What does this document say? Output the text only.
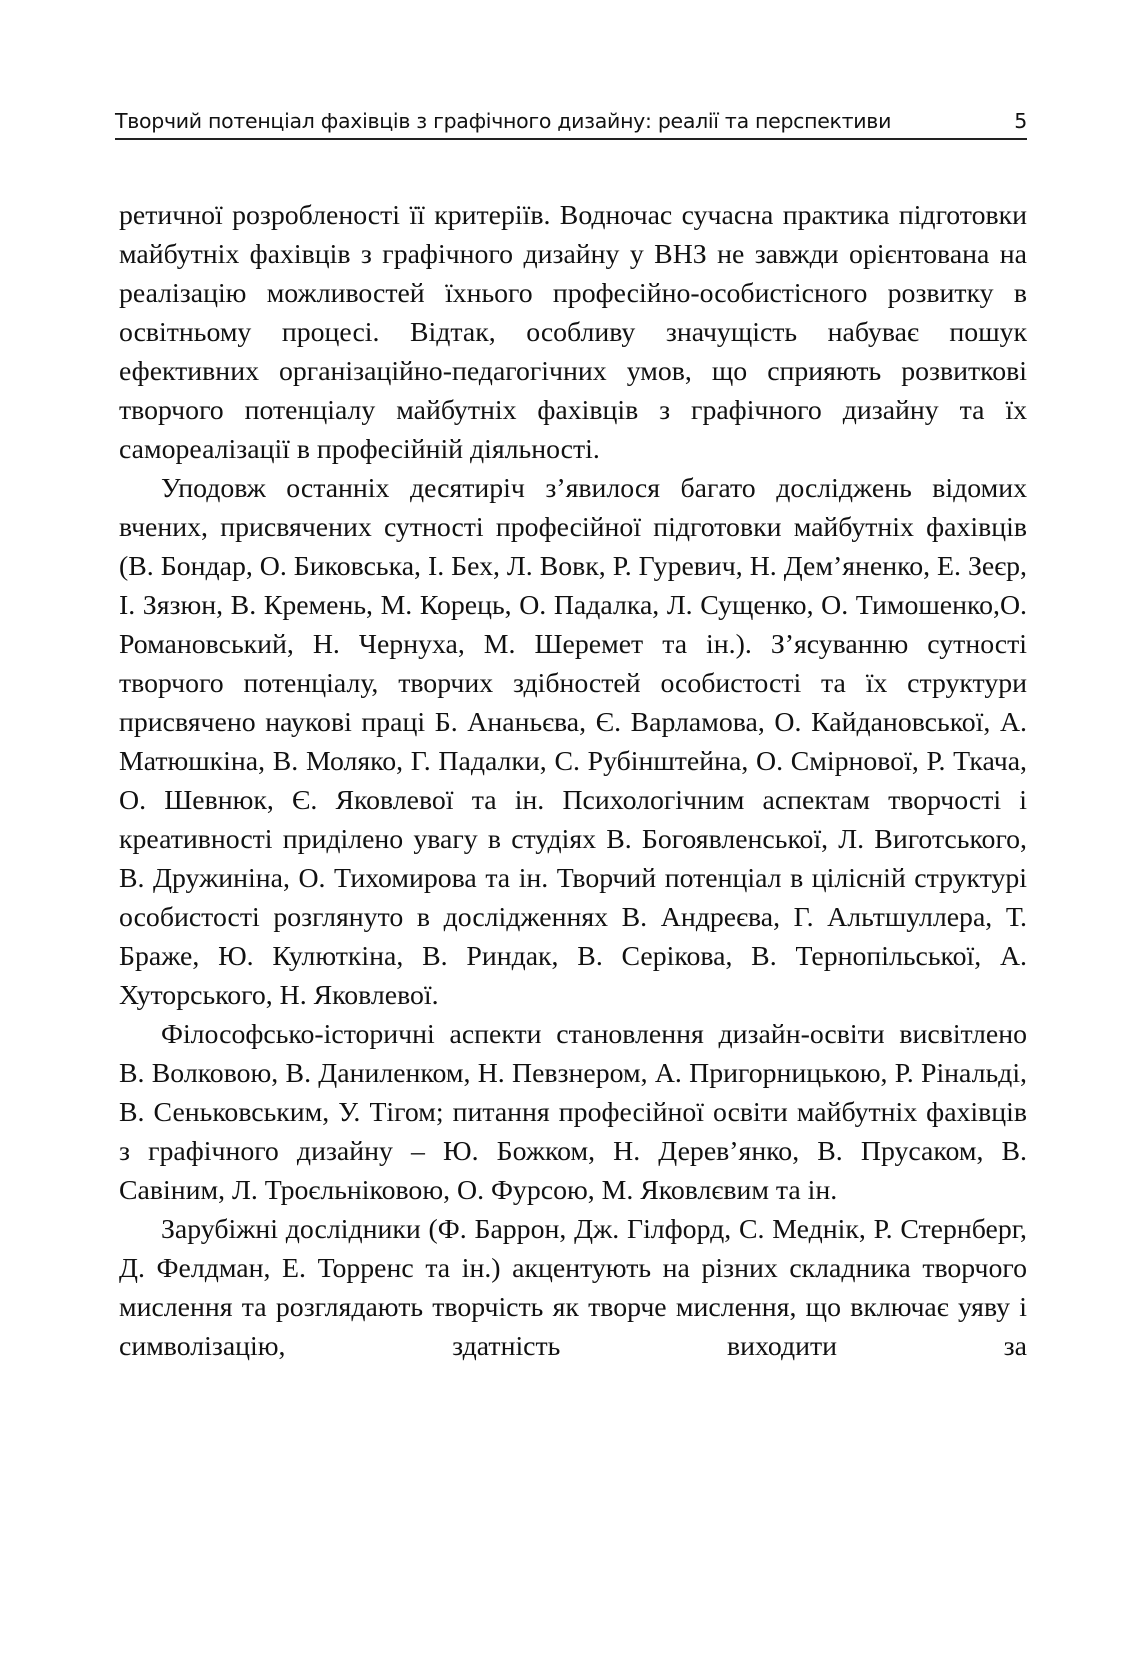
Творчий потенціал фахівців з графічного дизайну: реалії та перспективи	5

ретичної розробленості її критеріїв. Водночас сучасна практика підготовки майбутніх фахівців з графічного дизайну у ВНЗ не завжди орієнтована на реалізацію можливостей їхнього професійно-особистісного розвитку в освітньому процесі. Відтак, особливу значущість набуває пошук ефективних організаційно-педагогічних умов, що сприяють розвиткові творчого потенціалу майбутніх фахівців з графічного дизайну та їх самореалізації в професійній діяльності.

Уподовж останніх десятиріч з’явилося багато досліджень відомих вчених, присвячених сутності професійної підготовки майбутніх фахівців (В. Бондар, О. Биковська, І. Бех, Л. Вовк, Р. Гуревич, Н. Дем’яненко, Е. Зеєр, І. Зязюн, В. Кремень, М. Корець, О. Падалка, Л. Сущенко, О. Тимошенко,О. Романовський, Н. Чернуха, М. Шеремет та ін.). З’ясуванню сутності творчого потенціалу, творчих здібностей особистості та їх структури присвячено наукові праці Б. Ананьєва, Є. Варламова, О. Кайдановської, А. Матюшкіна, В. Моляко, Г. Падалки, С. Рубінштейна, О. Смірнової, Р. Ткача, О. Шевнюк, Є. Яковлевої та ін. Психологічним аспектам творчості і креативності приділено увагу в студіях В. Богоявленської, Л. Виготського, В. Дружиніна, О. Тихомирова та ін. Творчий потенціал в цілісній структурі особистості розглянуто в дослідженнях В. Андреєва, Г. Альтшуллера, Т. Браже, Ю. Кулюткіна, В. Риндак, В. Серікова, В. Тернопільської, А. Хуторського, Н. Яковлевої.

Філософсько-історичні аспекти становлення дизайн-освіти висвітлено В. Волковою, В. Даниленком, Н. Певзнером, А. Пригорницькою, Р. Рінальді, В. Сеньковським, У. Тігом; питання професійної освіти майбутніх фахівців з графічного дизайну – Ю. Божком, Н. Дерев’янко, В. Прусаком, В. Савіним, Л. Троєльніковою, О. Фурсою, М. Яковлєвим та ін.

Зарубіжні дослідники (Ф. Баррон, Дж. Гілфорд, С. Меднік, Р. Стернберг, Д. Фелдман, Е. Торренс та ін.) акцентують на різних складника творчого мислення та розглядають творчість як творче мислення, що включає уяву і символізацію, здатність виходити за
